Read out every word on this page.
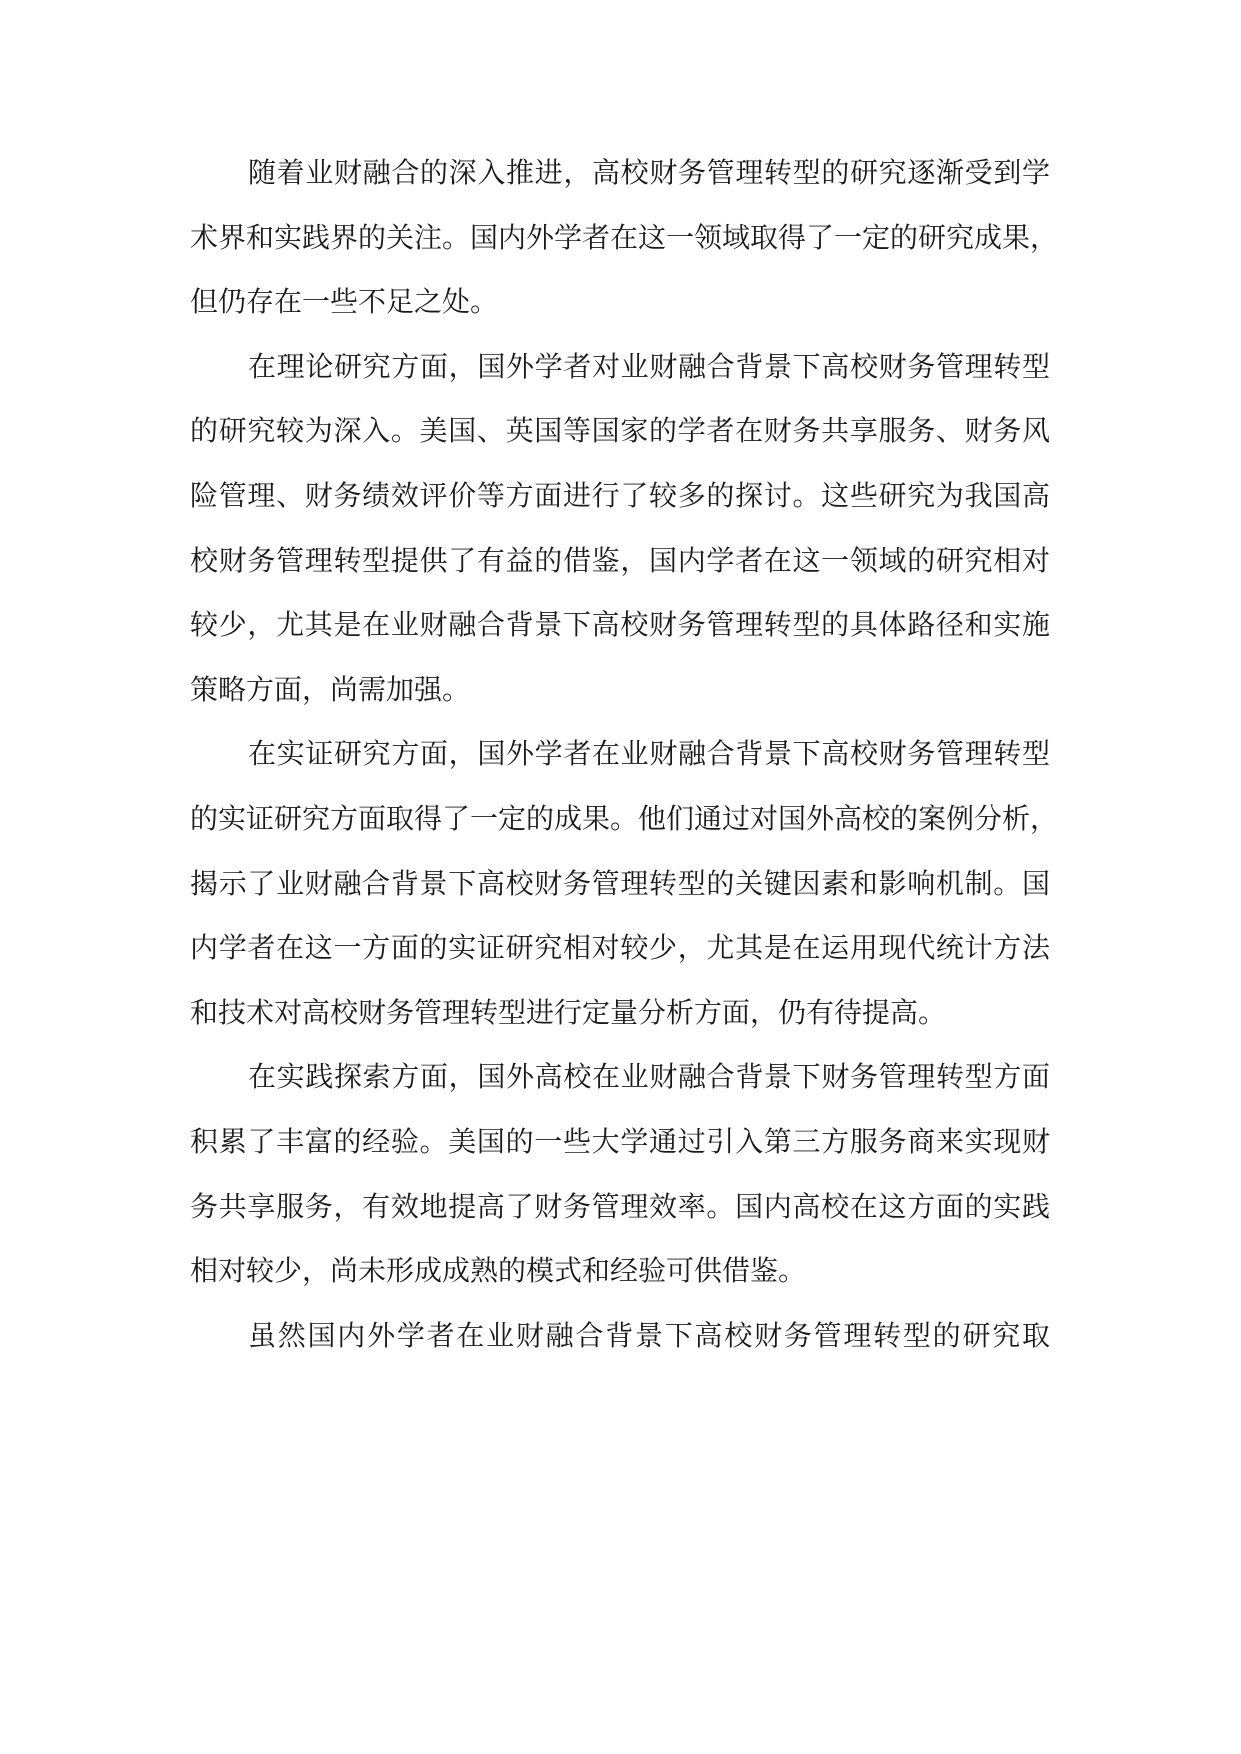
随着业财融合的深入推进，高校财务管理转型的研究逐渐受到学
术界和实践界的关注。国内外学者在这一领域取得了一定的研究成果，
但仍存在一些不足之处。
在理论研究方面，国外学者对业财融合背景下高校财务管理转型
的研究较为深入。美国、英国等国家的学者在财务共享服务、财务风
险管理、财务绩效评价等方面进行了较多的探讨。这些研究为我国高
校财务管理转型提供了有益的借鉴，国内学者在这一领域的研究相对
较少，尤其是在业财融合背景下高校财务管理转型的具体路径和实施
策略方面，尚需加强。
在实证研究方面，国外学者在业财融合背景下高校财务管理转型
的实证研究方面取得了一定的成果。他们通过对国外高校的案例分析，
揭示了业财融合背景下高校财务管理转型的关键因素和影响机制。国
内学者在这一方面的实证研究相对较少，尤其是在运用现代统计方法
和技术对高校财务管理转型进行定量分析方面，仍有待提高。
在实践探索方面，国外高校在业财融合背景下财务管理转型方面
积累了丰富的经验。美国的一些大学通过引入第三方服务商来实现财
务共享服务，有效地提高了财务管理效率。国内高校在这方面的实践
相对较少，尚未形成成熟的模式和经验可供借鉴。
虽然国内外学者在业财融合背景下高校财务管理转型的研究取
